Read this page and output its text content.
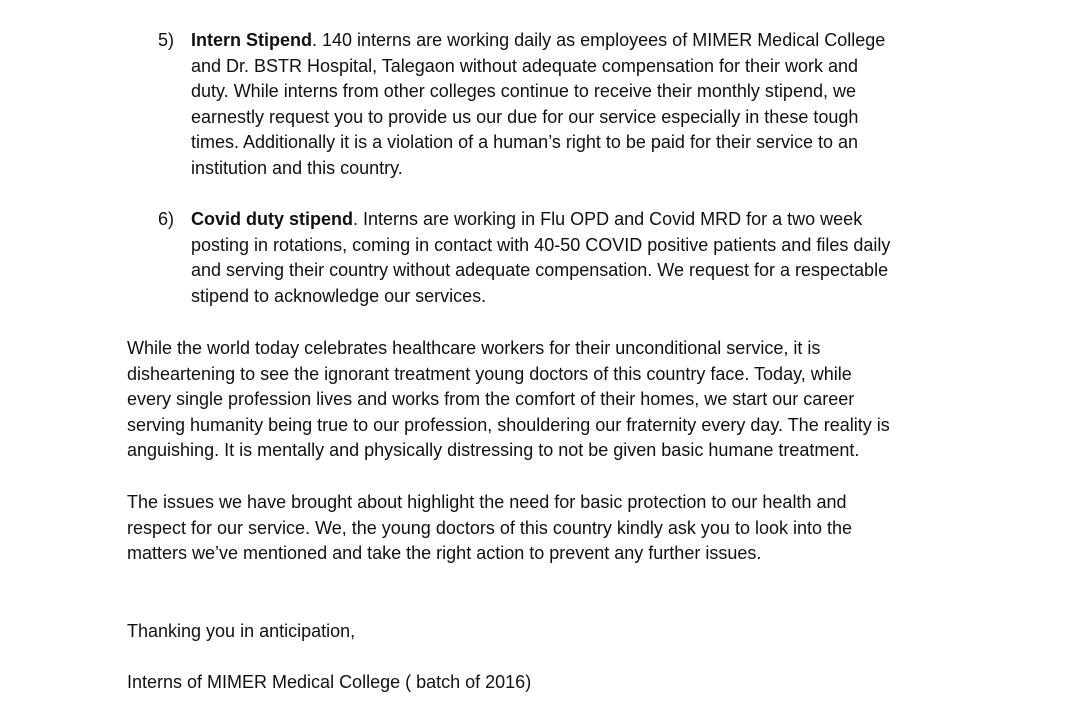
5) Intern Stipend. 140 interns are working daily as employees of MIMER Medical College
and Dr. BSTR Hospital, Talegaon without adequate compensation for their work and
duty. While interns from other colleges continue to receive their monthly stipend, we
earnestly request you to provide us our due for our service especially in these tough
times. Additionally it is a violation of a human’s right to be paid for their service to an
institution and this country.
6) Covid duty stipend. Interns are working in Flu OPD and Covid MRD for a two week
posting in rotations, coming in contact with 40-50 COVID positive patients and files daily
and serving their country without adequate compensation. We request for a respectable
stipend to acknowledge our services.
While the world today celebrates healthcare workers for their unconditional service, it is
disheartening to see the ignorant treatment young doctors of this country face. Today, while
every single profession lives and works from the comfort of their homes, we start our career
serving humanity being true to our profession, shouldering our fraternity every day. The reality is
anguishing. It is mentally and physically distressing to not be given basic humane treatment.
The issues we have brought about highlight the need for basic protection to our health and
respect for our service. We, the young doctors of this country kindly ask you to look into the
matters we’ve mentioned and take the right action to prevent any further issues.

Thanking you in anticipation,

Interns of MIMER Medical College ( batch of 2016)
